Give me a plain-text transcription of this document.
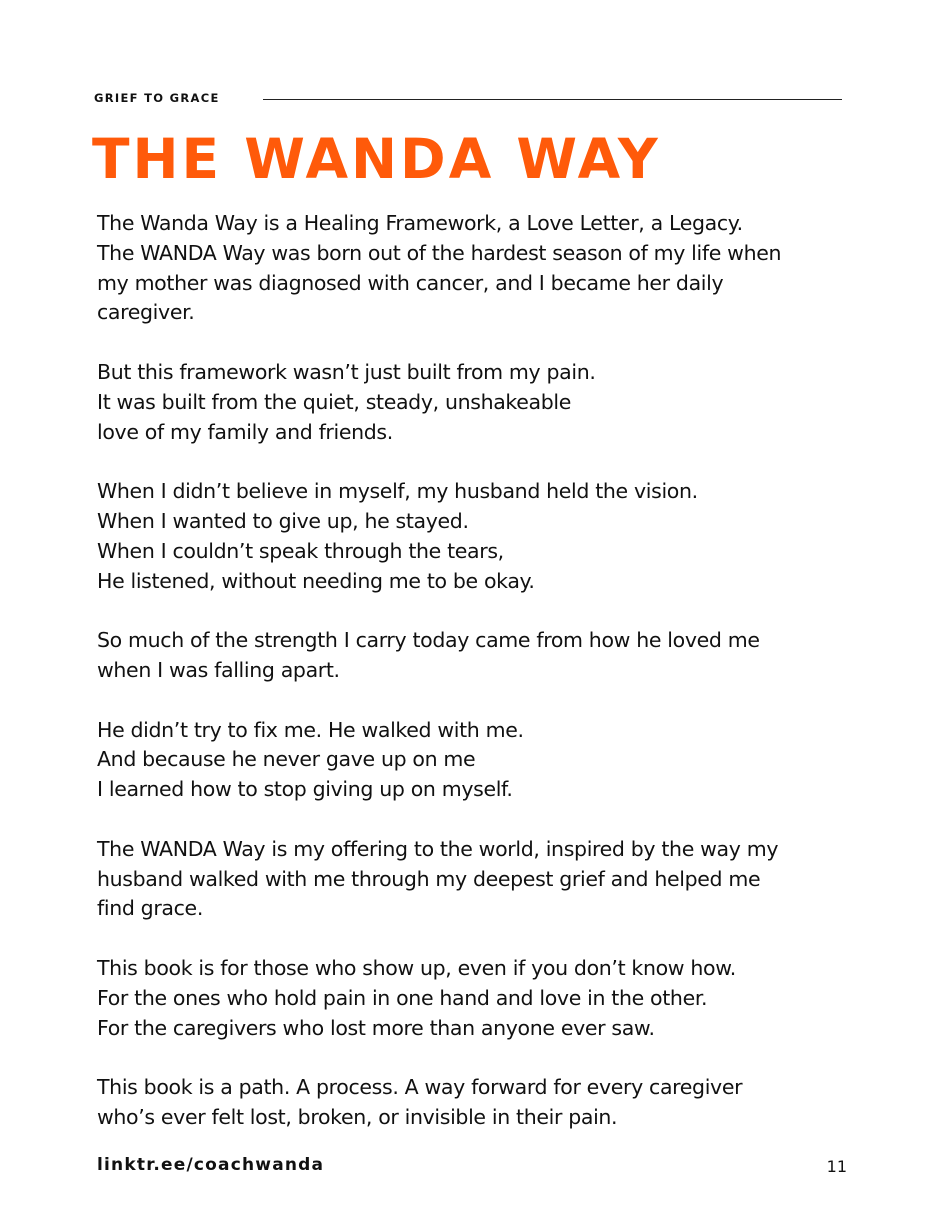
GRIEF TO GRACE
THE WANDA WAY

The Wanda Way is a Healing Framework, a Love Letter, a Legacy.
The WANDA Way was born out of the hardest season of my life when
my mother was diagnosed with cancer, and I became her daily
caregiver.

But this framework wasn’t just built from my pain.
It was built from the quiet, steady, unshakeable
love of my family and friends.

When I didn’t believe in myself, my husband held the vision.
When I wanted to give up, he stayed.
When I couldn’t speak through the tears,
He listened, without needing me to be okay.

So much of the strength I carry today came from how he loved me
when I was falling apart.

He didn’t try to fix me. He walked with me.
And because he never gave up on me
I learned how to stop giving up on myself.

The WANDA Way is my offering to the world, inspired by the way my
husband walked with me through my deepest grief and helped me
find grace.

This book is for those who show up, even if you don’t know how.
For the ones who hold pain in one hand and love in the other.
For the caregivers who lost more than anyone ever saw.

This book is a path. A process. A way forward for every caregiver
who’s ever felt lost, broken, or invisible in their pain.

linktr.ee/coachwanda	11
